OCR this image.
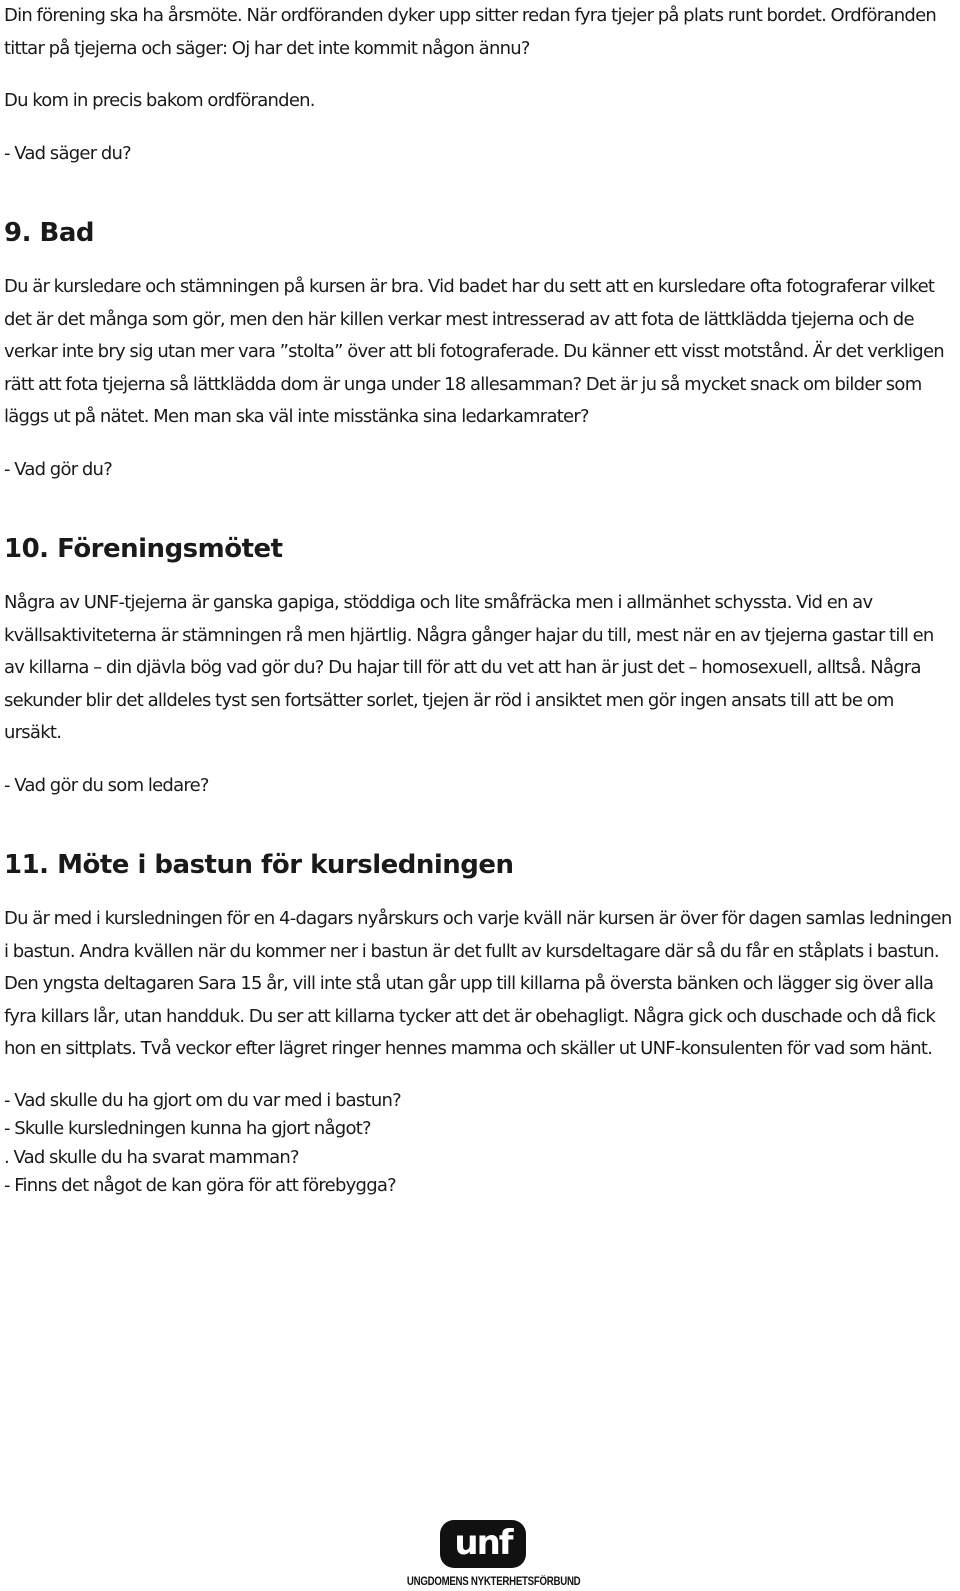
Din förening ska ha årsmöte. När ordföranden dyker upp sitter redan fyra tjejer på plats runt bordet. Ordföranden tittar på tjejerna och säger: Oj har det inte kommit någon ännu?

Du kom in precis bakom ordföranden.

- Vad säger du?

9. Bad

Du är kursledare och stämningen på kursen är bra. Vid badet har du sett att en kursledare ofta fotograferar vilket det är det många som gör, men den här killen verkar mest intresserad av att fota de lättklädda tjejerna och de verkar inte bry sig utan mer vara ”stolta” över att bli fotograferade. Du känner ett visst motstånd. Är det verkligen rätt att fota tjejerna så lättklädda dom är unga under 18 allesamman? Det är ju så mycket snack om bilder som läggs ut på nätet. Men man ska väl inte misstänka sina ledarkamrater?

- Vad gör du?

10. Föreningsmötet

Några av UNF-tjejerna är ganska gapiga, stöddiga och lite småfräcka men i allmänhet schyssta. Vid en av kvällsaktiviteterna är stämningen rå men hjärtlig. Några gånger hajar du till, mest när en av tjejerna gastar till en av killarna – din djävla bög vad gör du? Du hajar till för att du vet att han är just det – homosexuell, alltså. Några sekunder blir det alldeles tyst sen fortsätter sorlet, tjejen är röd i ansiktet men gör ingen ansats till att be om ursäkt.

- Vad gör du som ledare?

11. Möte i bastun för kursledningen

Du är med i kursledningen för en 4-dagars nyårskurs och varje kväll när kursen är över för dagen samlas ledningen i bastun. Andra kvällen när du kommer ner i bastun är det fullt av kursdeltagare där så du får en ståplats i bastun. Den yngsta deltagaren Sara 15 år, vill inte stå utan går upp till killarna på översta bänken och lägger sig över alla fyra killars lår, utan handduk. Du ser att killarna tycker att det är obehagligt. Några gick och duschade och då fick hon en sittplats. Två veckor efter lägret ringer hennes mamma och skäller ut UNF-konsulenten för vad som hänt.

- Vad skulle du ha gjort om du var med i bastun?
- Skulle kursledningen kunna ha gjort något?
. Vad skulle du ha svarat mamman?
- Finns det något de kan göra för att förebygga?
unf
UNGDOMENS NYKTERHETSFÖRBUND
